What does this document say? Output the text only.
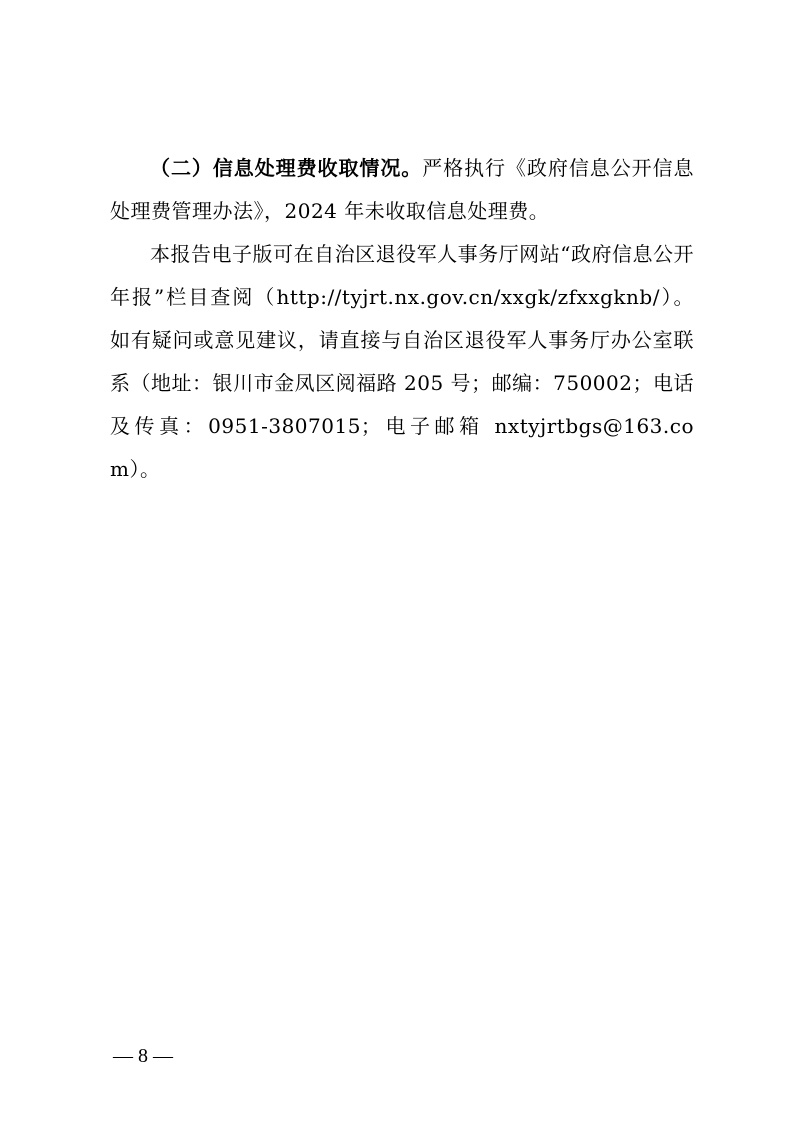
（二）信息处理费收取情况。严格执行《政府信息公开信息处理费管理办法》，2024 年未收取信息处理费。

本报告电子版可在自治区退役军人事务厅网站“政府信息公开年报”栏目查阅（http://tyjrt.nx.gov.cn/xxgk/zfxxgknb/）。如有疑问或意见建议，请直接与自治区退役军人事务厅办公室联系（地址：银川市金凤区阅福路 205 号；邮编：750002；电话及传真：0951-3807015；电子邮箱 nxtyjrtbgs@163.com）。

— 8 —
